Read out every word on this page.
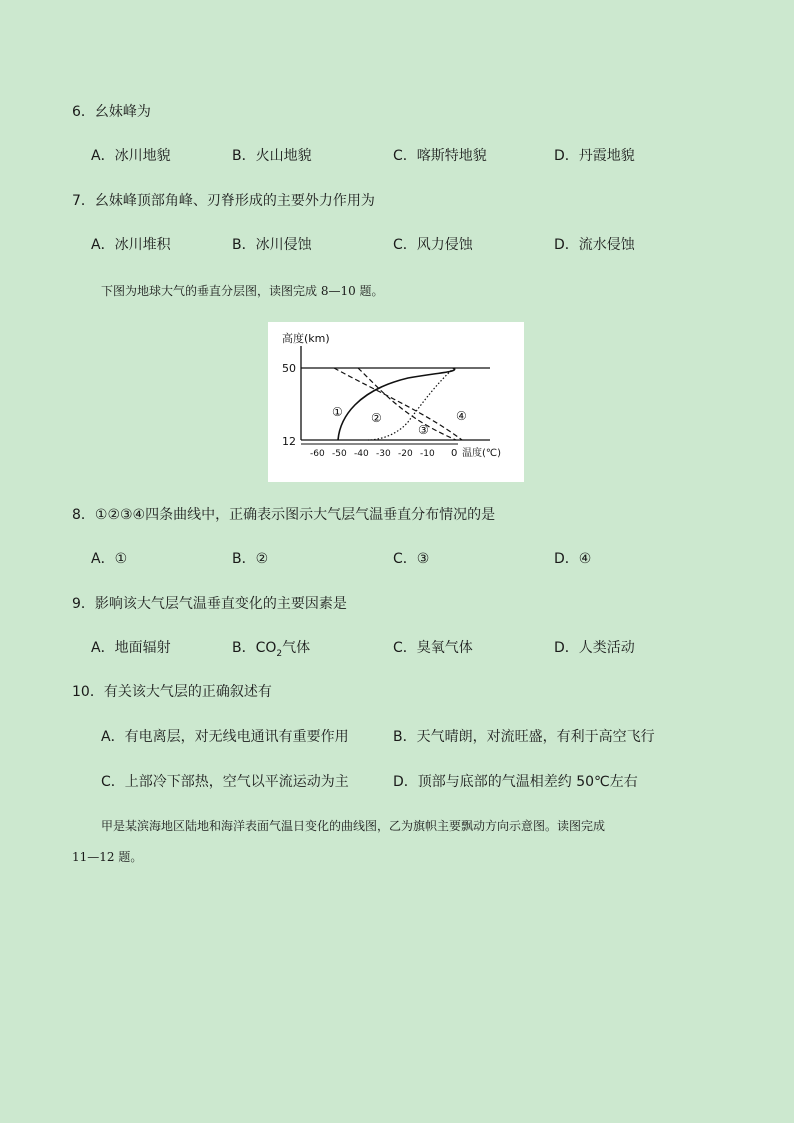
6．幺妹峰为
A．冰川地貌	B．火山地貌	C．喀斯特地貌	D．丹霞地貌
7．幺妹峰顶部角峰、刃脊形成的主要外力作用为
A．冰川堆积	B．冰川侵蚀	C．风力侵蚀	D．流水侵蚀
下图为地球大气的垂直分层图，读图完成 8—10 题。
高度(km)
50
12
① ②
③
④
-60 -50 -40 -30 -20 -10 0 温度(℃)
8．①②③④四条曲线中，正确表示图示大气层气温垂直分布情况的是
A．①	B．②	C．③	D．④
9．影响该大气层气温垂直变化的主要因素是
A．地面辐射	B．$CO_2$气体	C．臭氧气体	D．人类活动
10．有关该大气层的正确叙述有
A．有电离层，对无线电通讯有重要作用	B．天气晴朗，对流旺盛，有利于高空飞行
C．上部冷下部热，空气以平流运动为主	D．顶部与底部的气温相差约 50℃左右
甲是某滨海地区陆地和海洋表面气温日变化的曲线图，乙为旗帜主要飘动方向示意图。读图完成
11—12 题。
